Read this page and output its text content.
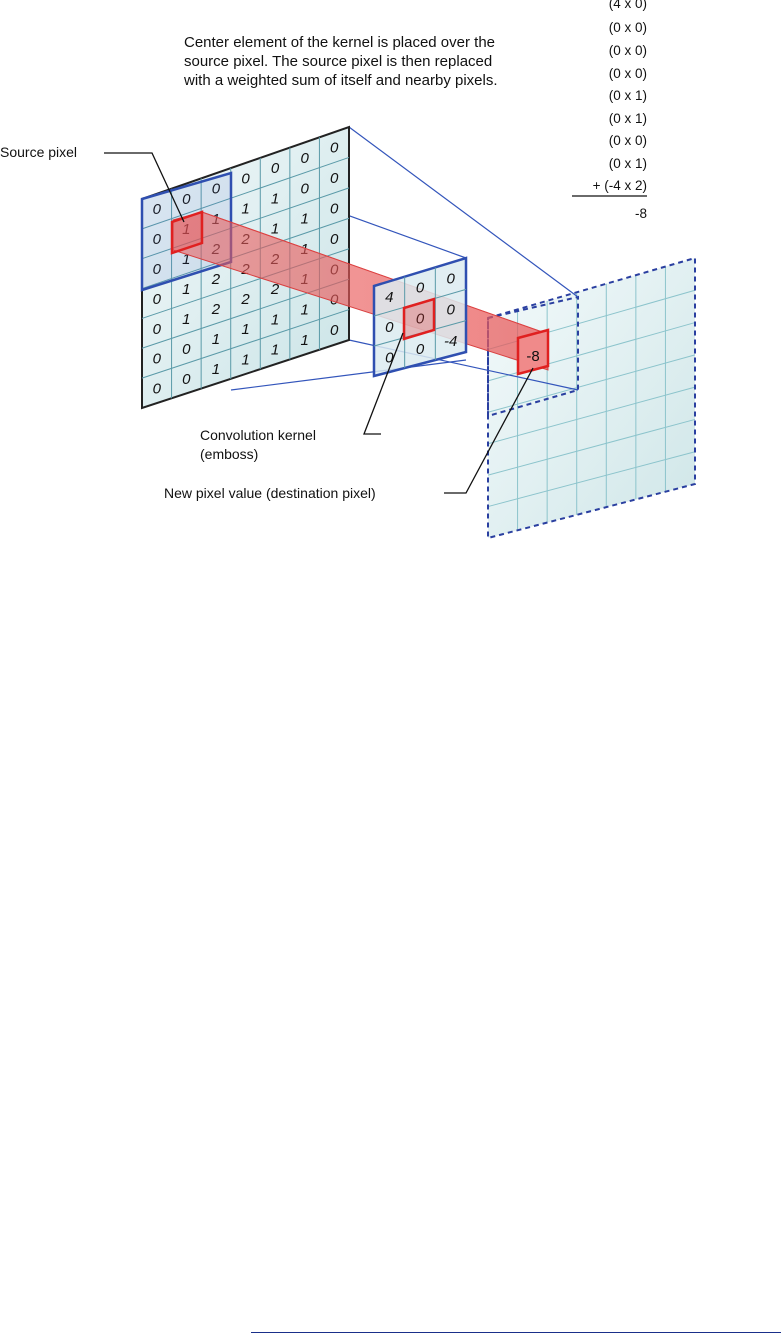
0
0
0
0
1
1
0
0
1
1
0
0
1
2
0
0
1
2
2
2
0
0
1
1
1
1
0
0
1
1
1
1
0
4
0
0
0
0
0 0 -4
-8
Center element of the kernel is placed over the
source pixel. The source pixel is then replaced
with a weighted sum of itself and nearby pixels.
(4 x 0)
(0 x 0)
(0 x 0)
(0 x 0)
(0 x 1)
(0 x 1)
(0 x 0)
(0 x 1)
+ (-4 x 2)
-8
Source pixel
Convolution kernel
(emboss)
New pixel value (destination pixel)
